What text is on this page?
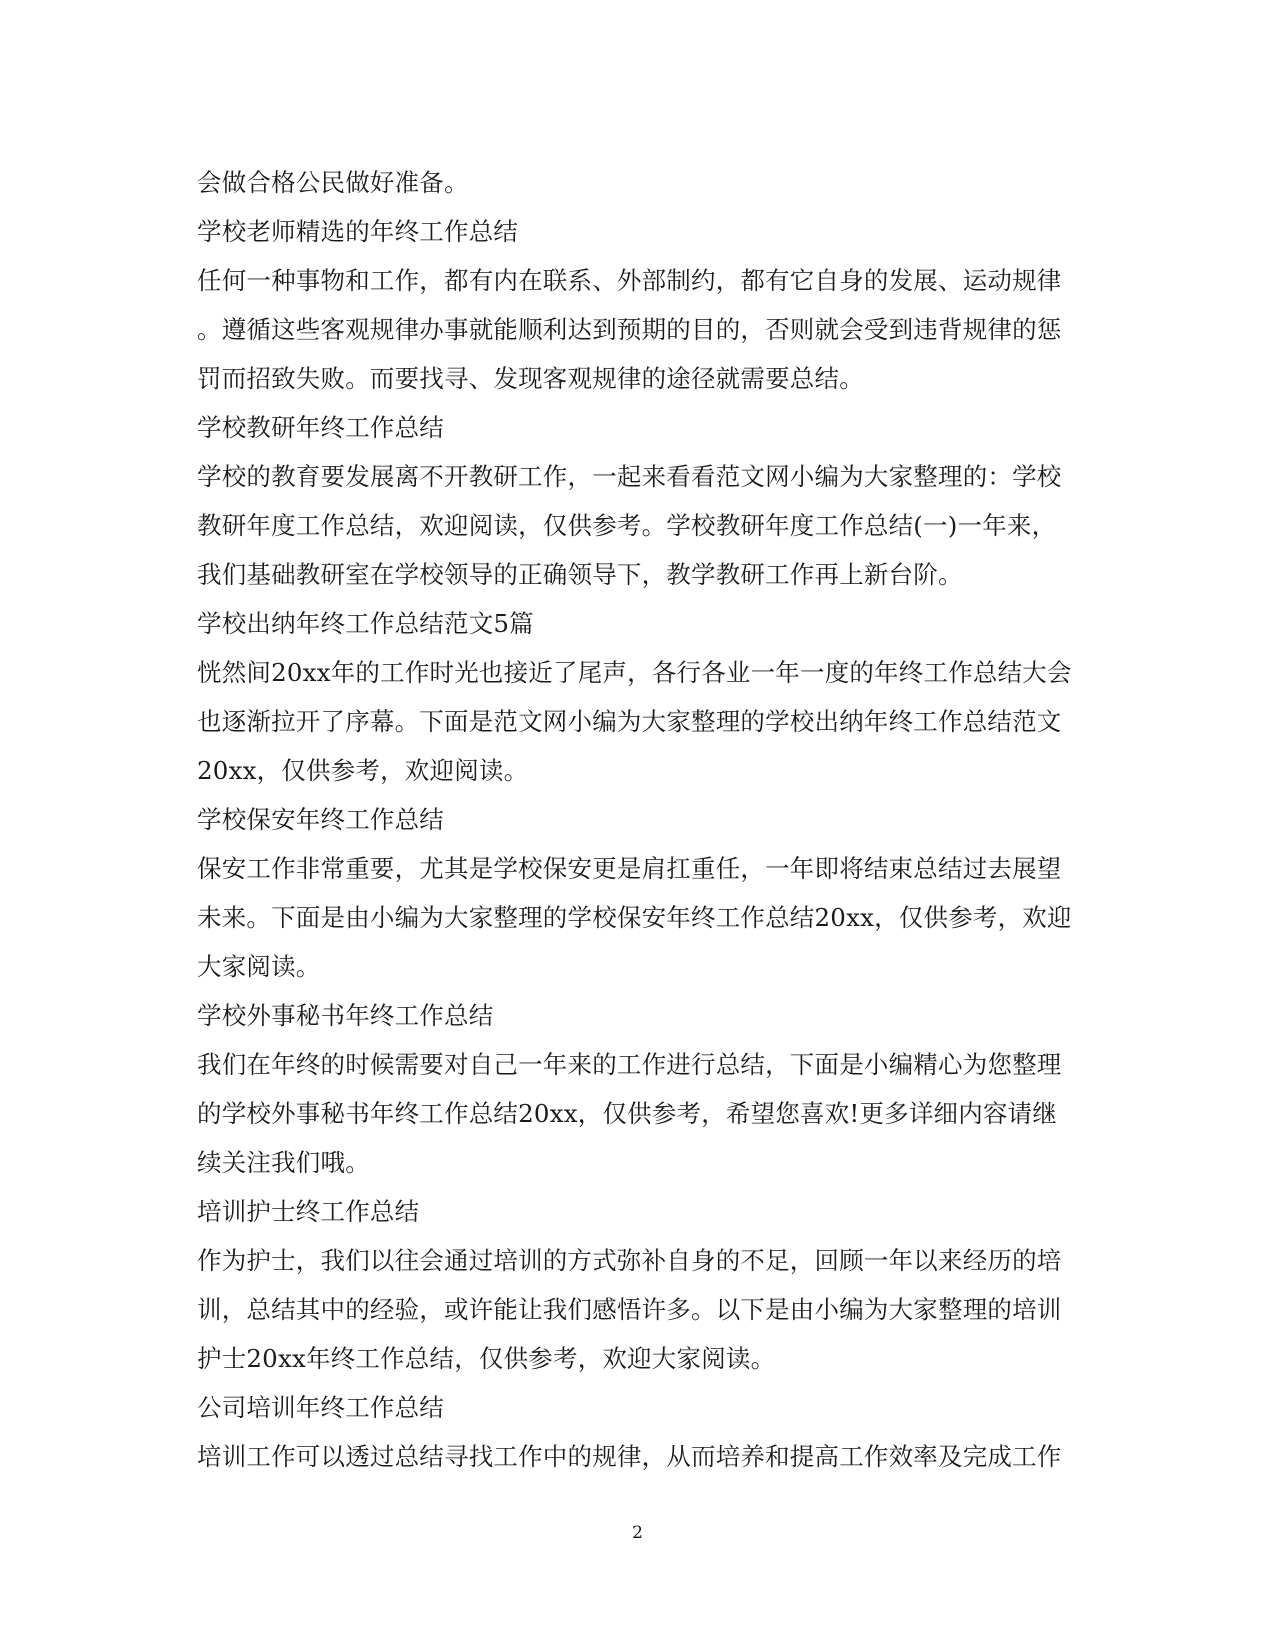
会做合格公民做好准备。
学校老师精选的年终工作总结
任何一种事物和工作，都有内在联系、外部制约，都有它自身的发展、运动规律
。遵循这些客观规律办事就能顺利达到预期的目的，否则就会受到违背规律的惩
罚而招致失败。而要找寻、发现客观规律的途径就需要总结。
学校教研年终工作总结
学校的教育要发展离不开教研工作，一起来看看范文网小编为大家整理的：学校
教研年度工作总结，欢迎阅读，仅供参考。学校教研年度工作总结(一)一年来，
我们基础教研室在学校领导的正确领导下，教学教研工作再上新台阶。
学校出纳年终工作总结范文5篇
恍然间20xx年的工作时光也接近了尾声，各行各业一年一度的年终工作总结大会
也逐渐拉开了序幕。下面是范文网小编为大家整理的学校出纳年终工作总结范文
20xx，仅供参考，欢迎阅读。
学校保安年终工作总结
保安工作非常重要，尤其是学校保安更是肩扛重任，一年即将结束总结过去展望
未来。下面是由小编为大家整理的学校保安年终工作总结20xx，仅供参考，欢迎
大家阅读。
学校外事秘书年终工作总结
我们在年终的时候需要对自己一年来的工作进行总结，下面是小编精心为您整理
的学校外事秘书年终工作总结20xx，仅供参考，希望您喜欢!更多详细内容请继
续关注我们哦。
培训护士终工作总结
作为护士，我们以往会通过培训的方式弥补自身的不足，回顾一年以来经历的培
训，总结其中的经验，或许能让我们感悟许多。以下是由小编为大家整理的培训
护士20xx年终工作总结，仅供参考，欢迎大家阅读。
公司培训年终工作总结
培训工作可以透过总结寻找工作中的规律，从而培养和提高工作效率及完成工作
2
